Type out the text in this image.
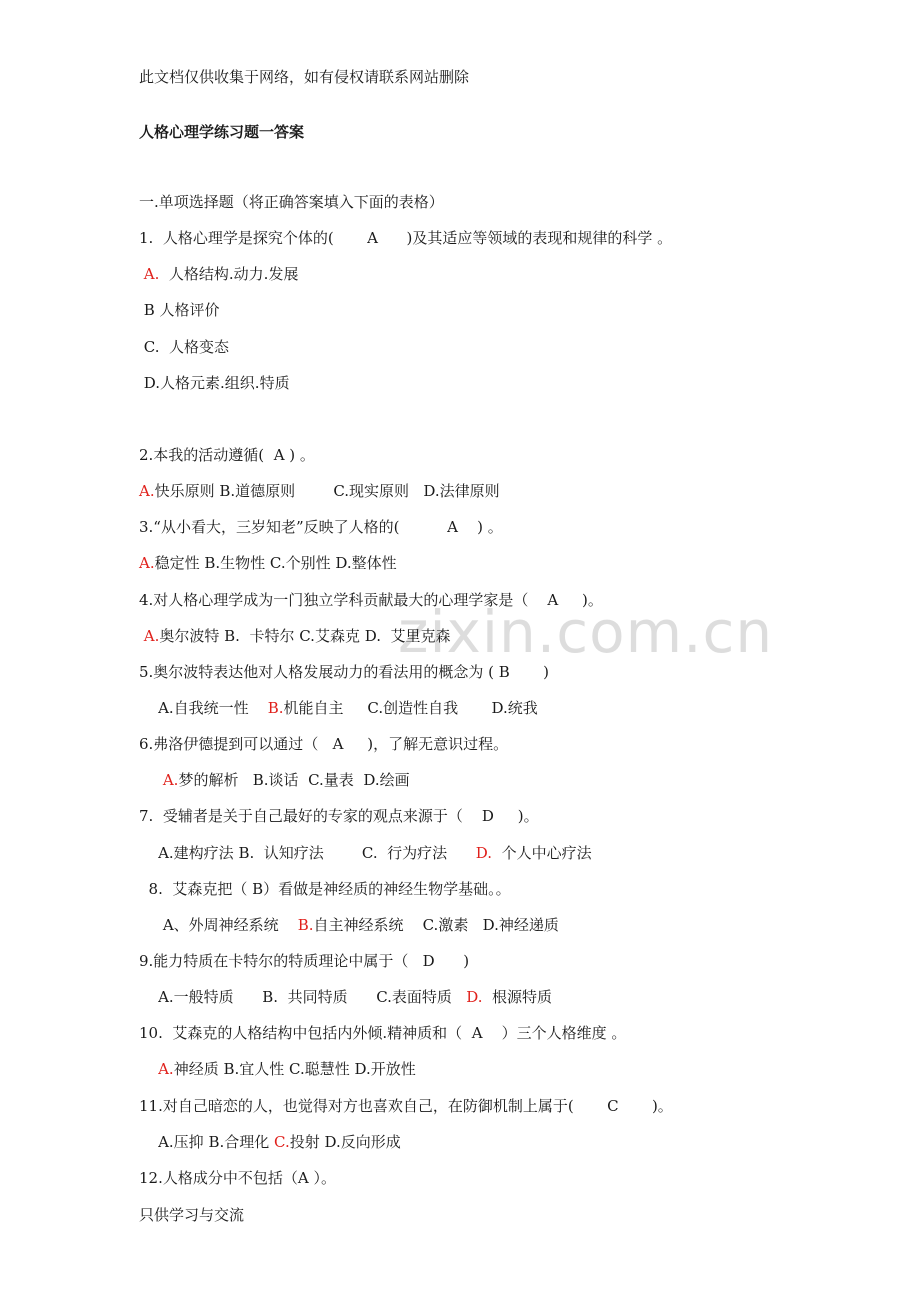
zixin.com.cn
此文档仅供收集于网络，如有侵权请联系网站删除
人格心理学练习题一答案
一.单项选择题（将正确答案填入下面的表格）
1.  人格心理学是探究个体的(       A      )及其适应等领域的表现和规律的科学 。
A.  人格结构.动力.发展
B 人格评价
C.  人格变态
D.人格元素.组织.特质
2.本我的活动遵循(  A ) 。
A.快乐原则 B.道德原则        C.现实原则   D.法律原则
3.“从小看大，三岁知老”反映了人格的(          A    ) 。
A.稳定性 B.生物性 C.个别性 D.整体性
4.对人格心理学成为一门独立学科贡献最大的心理学家是（    A     )。
A.奥尔波特 B.  卡特尔 C.艾森克 D.  艾里克森
5.奥尔波特表达他对人格发展动力的看法用的概念为 ( B       )
A.自我统一性    B.机能自主     C.创造性自我       D.统我
6.弗洛伊德提到可以通过（   A     )，了解无意识过程。
A.梦的解析   B.谈话  C.量表  D.绘画
7.  受辅者是关于自己最好的专家的观点来源于（    D     )。
A.建构疗法 B.  认知疗法        C.  行为疗法      D.  个人中心疗法
8.  艾森克把（ B）看做是神经质的神经生物学基础。。
A、外周神经系统    B.自主神经系统    C.激素   D.神经递质
9.能力特质在卡特尔的特质理论中属于（   D      )
A.一般特质      B.  共同特质      C.表面特质   D.  根源特质
10.  艾森克的人格结构中包括内外倾.精神质和（  A    ）三个人格维度 。
A.神经质 B.宜人性 C.聪慧性 D.开放性
11.对自己暗恋的人，也觉得对方也喜欢自己，在防御机制上属于(       C       )。
A.压抑 B.合理化 C.投射 D.反向形成
12.人格成分中不包括（A ）。
只供学习与交流
